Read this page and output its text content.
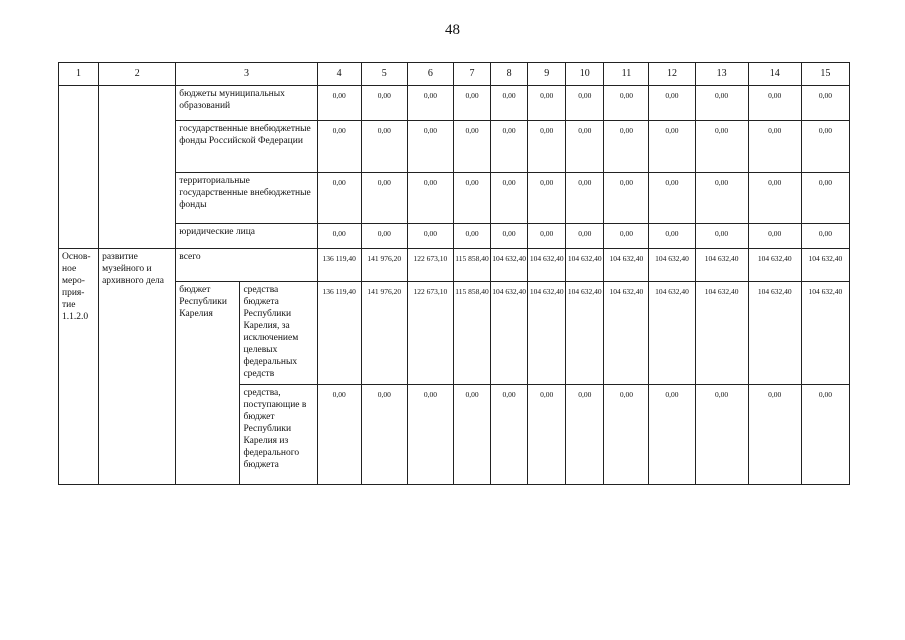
48
1	2	3		4	5	6	7	8	9	10	11	12	13	14	15
		бюджеты муниципальных образований		0,00	0,00	0,00	0,00	0,00	0,00	0,00	0,00	0,00	0,00	0,00	0,00
		государственные внебюджетные фонды Российской Федерации		0,00	0,00	0,00	0,00	0,00	0,00	0,00	0,00	0,00	0,00	0,00	0,00
		территориальные государственные внебюджетные фонды		0,00	0,00	0,00	0,00	0,00	0,00	0,00	0,00	0,00	0,00	0,00	0,00
		юридические лица		0,00	0,00	0,00	0,00	0,00	0,00	0,00	0,00	0,00	0,00	0,00	0,00
Основ- ное меро- прия- тие 1.1.2.0	развитие музейного и архивного дела	всего		136 119,40	141 976,20	122 673,10	115 858,40	104 632,40	104 632,40	104 632,40	104 632,40	104 632,40	104 632,40	104 632,40	104 632,40
		бюджет Республики Карелия	средства бюджета Республики Карелия, за исключением целевых федеральных средств	136 119,40	141 976,20	122 673,10	115 858,40	104 632,40	104 632,40	104 632,40	104 632,40	104 632,40	104 632,40	104 632,40	104 632,40
			средства, поступающие в бюджет Республики Карелия из федерального бюджета	0,00	0,00	0,00	0,00	0,00	0,00	0,00	0,00	0,00	0,00	0,00	0,00
